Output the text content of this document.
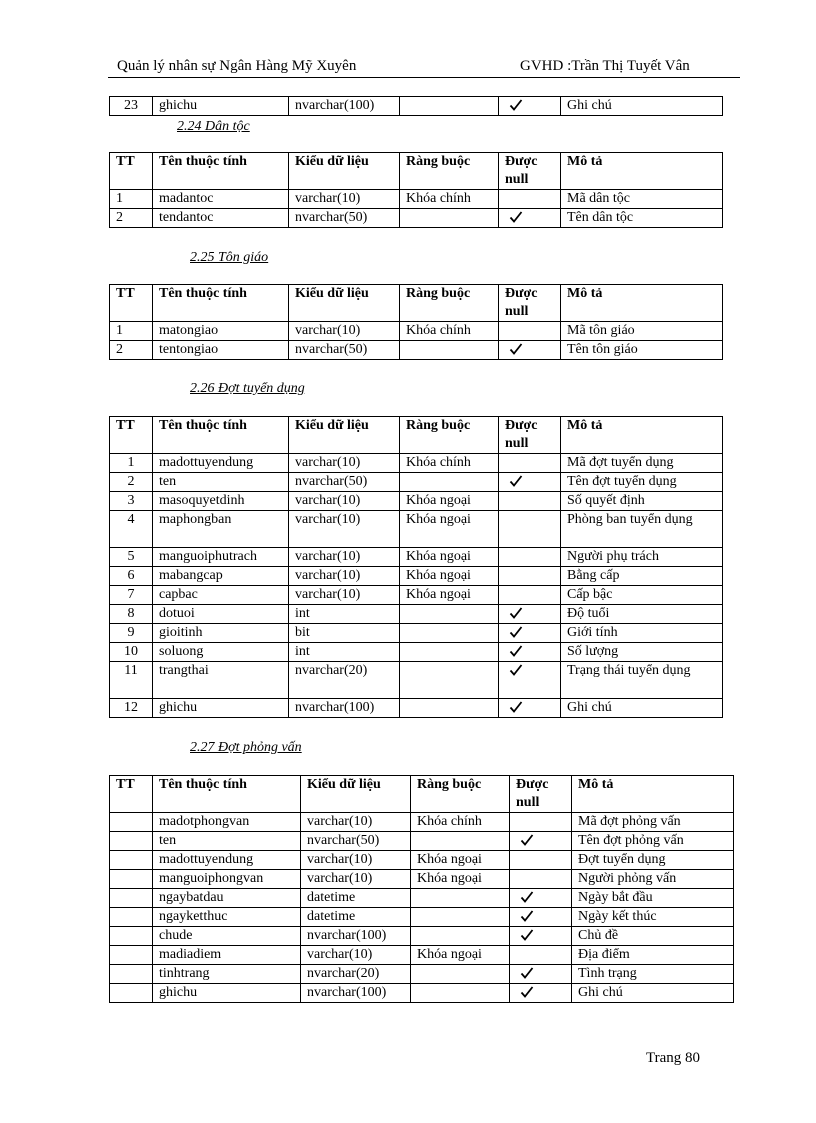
Quản lý nhân sự Ngân Hàng Mỹ Xuyên	GVHD :Trần Thị Tuyết Vân
23	ghichu	nvarchar(100)			Ghi chú
2.24 Dân tộc
TT	Tên thuộc tính	Kiểu dữ liệu	Ràng buộc	Được null	Mô tả
1	madantoc	varchar(10)	Khóa chính		Mã dân tộc
2	tendantoc	nvarchar(50)			Tên dân tộc
2.25 Tôn giáo
TT	Tên thuộc tính	Kiểu dữ liệu	Ràng buộc	Được null	Mô tả
1	matongiao	varchar(10)	Khóa chính		Mã tôn giáo
2	tentongiao	nvarchar(50)			Tên tôn giáo
2.26 Đợt tuyển dụng
TT	Tên thuộc tính	Kiểu dữ liệu	Ràng buộc	Được null	Mô tả
1	madottuyendung	varchar(10)	Khóa chính		Mã đợt tuyển dụng
2	ten	nvarchar(50)			Tên đợt tuyển dụng
3	masoquyetdinh	varchar(10)	Khóa ngoại		Số quyết định
4	maphongban	varchar(10)	Khóa ngoại		Phòng ban tuyển dụng
5	manguoiphutrach	varchar(10)	Khóa ngoại		Người phụ trách
6	mabangcap	varchar(10)	Khóa ngoại		Bằng cấp
7	capbac	varchar(10)	Khóa ngoại		Cấp bậc
8	dotuoi	int			Độ tuổi
9	gioitinh	bit			Giới tính
10	soluong	int			Số lượng
11	trangthai	nvarchar(20)			Trạng thái tuyển dụng
12	ghichu	nvarchar(100)			Ghi chú
2.27 Đợt phỏng vấn
TT	Tên thuộc tính	Kiểu dữ liệu	Ràng buộc	Được null	Mô tả
	madotphongvan	varchar(10)	Khóa chính		Mã đợt phỏng vấn
	ten	nvarchar(50)			Tên đợt phỏng vấn
	madottuyendung	varchar(10)	Khóa ngoại		Đợt tuyển dụng
	manguoiphongvan	varchar(10)	Khóa ngoại		Người phỏng vấn
	ngaybatdau	datetime			Ngày bắt đầu
	ngayketthuc	datetime			Ngày kết thúc
	chude	nvarchar(100)			Chủ đề
	madiadiem	varchar(10)	Khóa ngoại		Địa điểm
	tinhtrang	nvarchar(20)			Tình trạng
	ghichu	nvarchar(100)			Ghi chú
Trang 80
